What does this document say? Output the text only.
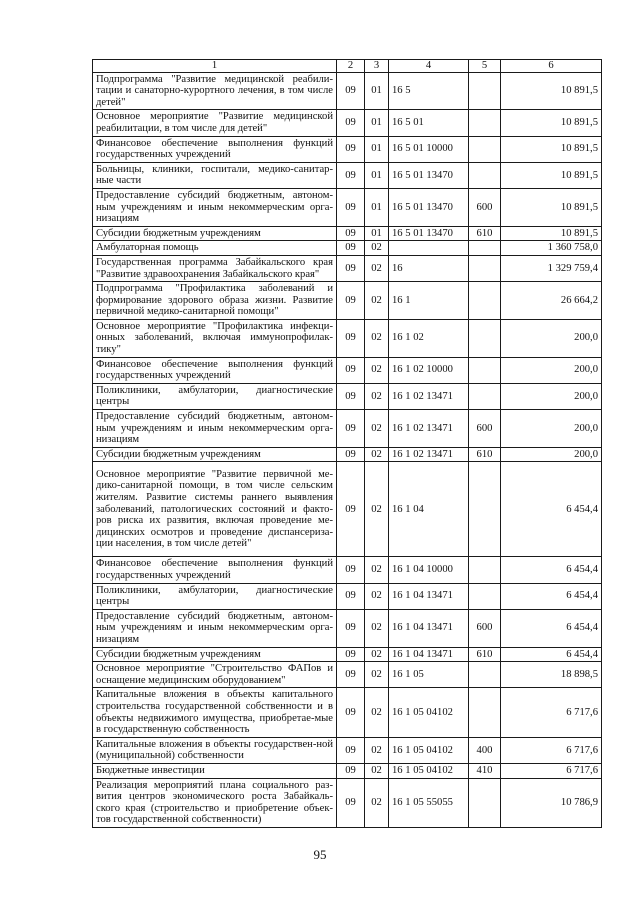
1	2	3	4	5	6
Подпрограмма "Развитие медицинской реабили-тации и санаторно-курортного лечения, в том числе детей"	09	01	16 5		10 891,5
Основное мероприятие "Развитие медицинской реабилитации, в том числе для детей"	09	01	16 5 01		10 891,5
Финансовое обеспечение выполнения функций государственных учреждений	09	01	16 5 01 10000		10 891,5
Больницы, клиники, госпитали, медико-санитар-ные части	09	01	16 5 01 13470		10 891,5
Предоставление субсидий бюджетным, автоном-ным учреждениям и иным некоммерческим орга-низациям	09	01	16 5 01 13470	600	10 891,5
Субсидии бюджетным учреждениям	09	01	16 5 01 13470	610	10 891,5
Амбулаторная помощь	09	02			1 360 758,0
Государственная программа Забайкальского края "Развитие здравоохранения Забайкальского края"	09	02	16		1 329 759,4
Подпрограмма "Профилактика заболеваний и формирование здорового образа жизни. Развитие первичной медико-санитарной помощи"	09	02	16 1		26 664,2
Основное мероприятие "Профилактика инфекци-онных заболеваний, включая иммунопрофилак-тику"	09	02	16 1 02		200,0
Финансовое обеспечение выполнения функций государственных учреждений	09	02	16 1 02 10000		200,0
Поликлиники, амбулатории, диагностические центры	09	02	16 1 02 13471		200,0
Предоставление субсидий бюджетным, автоном-ным учреждениям и иным некоммерческим орга-низациям	09	02	16 1 02 13471	600	200,0
Субсидии бюджетным учреждениям	09	02	16 1 02 13471	610	200,0
Основное мероприятие "Развитие первичной ме-дико-санитарной помощи, в том числе сельским жителям. Развитие системы раннего выявления заболеваний, патологических состояний и факто-ров риска их развития, включая проведение ме-дицинских осмотров и проведение диспансериза-ции населения, в том числе детей"	09	02	16 1 04		6 454,4
Финансовое обеспечение выполнения функций государственных учреждений	09	02	16 1 04 10000		6 454,4
Поликлиники, амбулатории, диагностические центры	09	02	16 1 04 13471		6 454,4
Предоставление субсидий бюджетным, автоном-ным учреждениям и иным некоммерческим орга-низациям	09	02	16 1 04 13471	600	6 454,4
Субсидии бюджетным учреждениям	09	02	16 1 04 13471	610	6 454,4
Основное мероприятие "Строительство ФАПов и оснащение медицинским оборудованием"	09	02	16 1 05		18 898,5
Капитальные вложения в объекты капитального строительства государственной собственности и в объекты недвижимого имущества, приобретае-мые в государственную собственность	09	02	16 1 05 04102		6 717,6
Капитальные вложения в объекты государствен-ной (муниципальной) собственности	09	02	16 1 05 04102	400	6 717,6
Бюджетные инвестиции	09	02	16 1 05 04102	410	6 717,6
Реализация мероприятий плана социального раз-вития центров экономического роста Забайкаль-ского края (строительство и приобретение объек-тов государственной собственности)	09	02	16 1 05 55055		10 786,9
95
